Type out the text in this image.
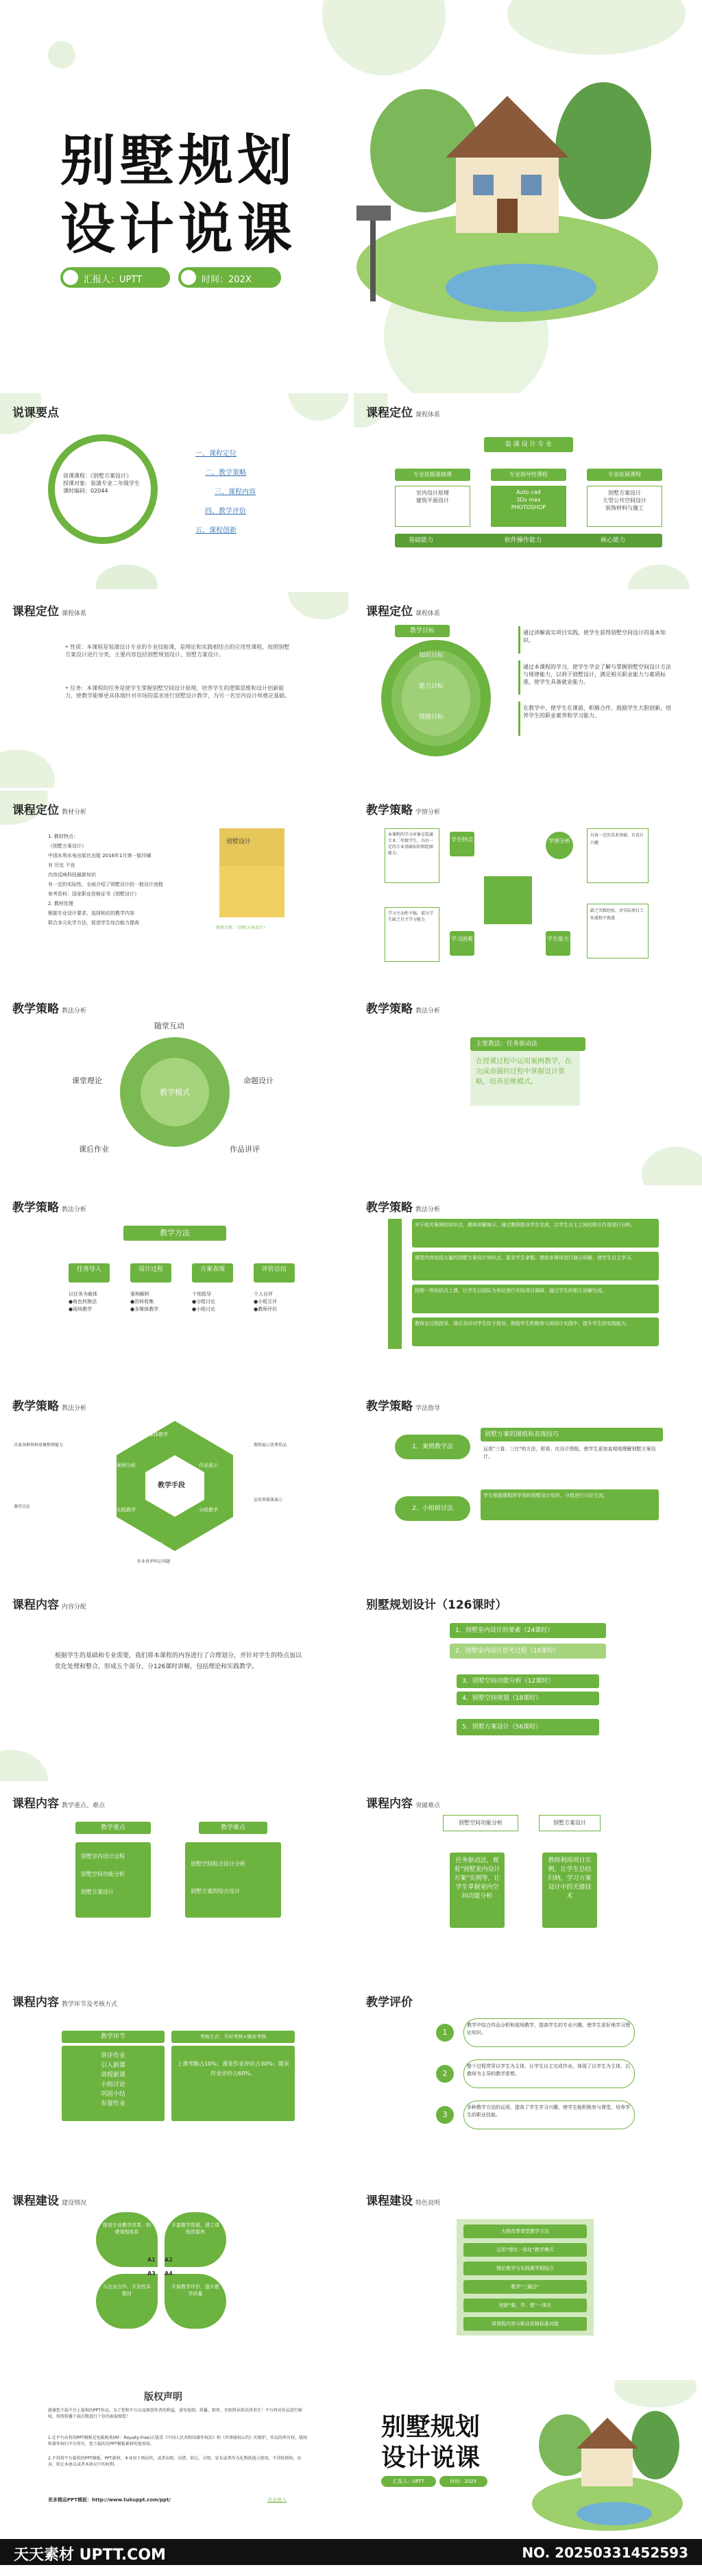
别墅规划
设计说课
汇报人：UPTT	时间：202X
说课要点
说课课程：《别墅方案设计》
授课对象：装潢专业二年级学生
课时编码：02044
一、课程定位
二、教学策略
三、课程内容
四、教学评价
五、课程创新
课程定位 课程体系
装 潢 设 计 专 业
专业依据基础课	专业指导性课程	专业拓展课程
室内设计原理
建筑平面设计
Auto cad
3Ds max
PHOTOSHOP
别墅方案设计
大型公共空间设计
装饰材料与施工
基础能力	软件操作能力	核心能力
课程定位 课程体系
• 性质：本课程是装潢设计专业的专业技能课，是理论和实践相结合的应用性课程，按照别墅方案设计进行分类，主要内容包括别墅规划设计、别墅方案设计。
• 任务：本课程的任务是使学生掌握别墅空间设计原理，培养学生的逻辑思维和设计创新能力，使教学能够更具体地针对市场的需求进行别墅设计教学，为另一名室内设计师奠定基础。
课程定位 课程体系
教学目标
知识目标
能力目标
情感目标
通过讲解真实项目实践，使学生获得别墅空间设计的基本知识。
通过本课程的学习，使学生学会了解与掌握别墅空间设计方法与规律能力，以利于别墅设计，满足相关职业能力与素质标准，使学生具备就业能力。
在教学中，使学生在课前，积极合作，鼓励学生大胆创新，培养学生的职业素养和学习能力。
课程定位 教材分析
1. 教材特点：
《别墅方案设计》
中国水利水电出版社出版 2016年1月第一版印刷
有 历史 不良
内容反映科技最新知识
有一定的实际性，全面介绍了别墅设计的一般设计流程
参考资料：国家职业资格证书《别墅设计》
2. 教材处理
根据专业设计要求，选择相应的教学内容
联合多元化学方法，促进学生综合能力提高
别墅设计
教材名称：《别墅方案设计》
教学策略 学情分析
本课程的学习对象是装潢专业二年级学生，具有一定的专业基础知识和绘图能力。
学生特点	学情分析
具备一定的美术基础，有设计兴趣
学习主动性不强，部分学生缺乏自主学习能力
学习困难	学生能力
缺乏实践经验，对实际项目工作流程不熟悉
教学策略 教法分析
教学模式
随堂互动
命题设计
作品讲评
课后作业
课堂理论
教学策略 教法分析
主要教法：任务驱动法
在授课过程中运用案例教学，在完成命题的过程中掌握设计策略，培养思维模式。
教学策略 教法分析
教学方法
任务导入	设计过程	方案表现	评价总结
以任务为载体
●角色转换法
●现场教学
案例解析
●资料收集
●多媒体教学
个别指导
●分组讨论
●小组讨论
个人自评
●小组互评
●教师评价
教学策略 教法分析
对于相关案例的知识点，教师讲解演示，通过教师指导学生完成，以学生自主之间的相互作用进行分析。
课堂内容包括大量的别墅方案设计知识点，要求学生掌握。借助多媒体进行演示讲解，使学生自主学习。
按照一些知识点上课，让学生以团队为单位进行实际项目调研，通过学生的相互讲解完成。
教师全过程指导，课后及时对学生给予指导，鼓励学生积极参与到设计实践中，提升学生的实践能力。
教学策略 教法分析
教学手段
多媒体教学
作品展示
分组教学
作业讲评
实践教学
案例分析
具备各种资料收集整理能力	教师展示优秀作品
运用多媒体演示
课堂讨论
作业讲评纠正问题
教学策略 学法指导
1、案例教学法
别墅方案的图纸和表现技巧
运用"三看、三比"的方法，即看、比设计图纸，使学生更加直观地理解别墅方案设计。
2、小组研讨法
学生根据课程所学到的别墅设计知识，分组进行讨论交流。
课程内容 内容分配
根据学生的基础和专业需要，我们将本课程的内容进行了合理划分，并针对学生的特点加以优化处理和整合，形成五个部分，分126课时讲解，包括理论和实践教学。
别墅规划设计（126课时）
1、别墅室内设计的要素（24课时）
2、别墅室内设计思考过程（16课时）
3、别墅空间功能分析（12课时）
4、别墅空间规划（18课时）
5、别墅方案设计（56课时）
课程内容 教学重点、难点
教学重点	教学难点
别墅室内设计过程
别墅空间功能分析
别墅方案设计
别墅空间组合设计分析
别墅方案的综合设计
课程内容 突破难点
别墅空间功能分析	别墅方案设计
任务驱动法，观看"别墅室内设计方案"实例等，让学生掌握室内空间功能分析
教师利用项目实例，让学生总结归纳，学习方案设计中的关键技术
课程内容 教学环节及考核方式
教学环节	考核方式：平时考核+期末考核
讲评作业
引入新课
讲授新课
小组讨论
巩固小结
布置作业
上课考勤占10%；课堂作业评价占30%；期末作业评价占60%。
教学评价
1
教学中结合作品分析和现场教学，提高学生的专业兴趣，使学生更好地学习理论知识。
2
整个过程贯穿以学生为主体，让学生自主完成作业，体现了以学生为主体，以教师为主导的教学思想。
3
多种教学方法的运用，提高了学生学习兴趣，使学生能积极参与课堂，培养学生的职业技能。
课程建设 建设情况
推进专业教学改革，构建课程体系
丰富教学资源，建立课程资源库
与企业合作，开发校本教材
开展教学评价，提升教学质量
A1 A2
A3 A4
课程建设 特色说明
大胆改革课堂教学方法
运用"理实一体化"教学模式
理论教学与实践教学相结合
教学"三融合"
创新"做、学、教"一体化
将课程内容与职业资格标准对接
版权声明
感谢您下载平台上提供的PPT作品，为了您和平台以及原创作者的利益，请勿复制、传播、销售，否则将承担法律责任！平台将对作品进行维权，按照传播下载次数进行十倍的索取赔偿！
1.在平台出售的PPT模板是免版税类(RF：Royalty-Free)正版受《中国人民共和国著作权法》和《世界版权公约》的保护，作品的所有权、版权和著作权归平台所有，您下载的是PPT模板素材的使用权。
2.不得将平台提供的PPT模板、PPT素材，本身用于再出售，或者出租、出借、转让、分销、发布或者作为礼物供他人使用，不得转授权、出卖、转让本协议或者本协议中的权利。
更多精品PPT模板：http://www.tukuppt.com/ppt/	点击进入
别墅规划
设计说课
汇报人：UPTT	时间：202X
天天素材 UPTT.COM	NO. 20250331452593
